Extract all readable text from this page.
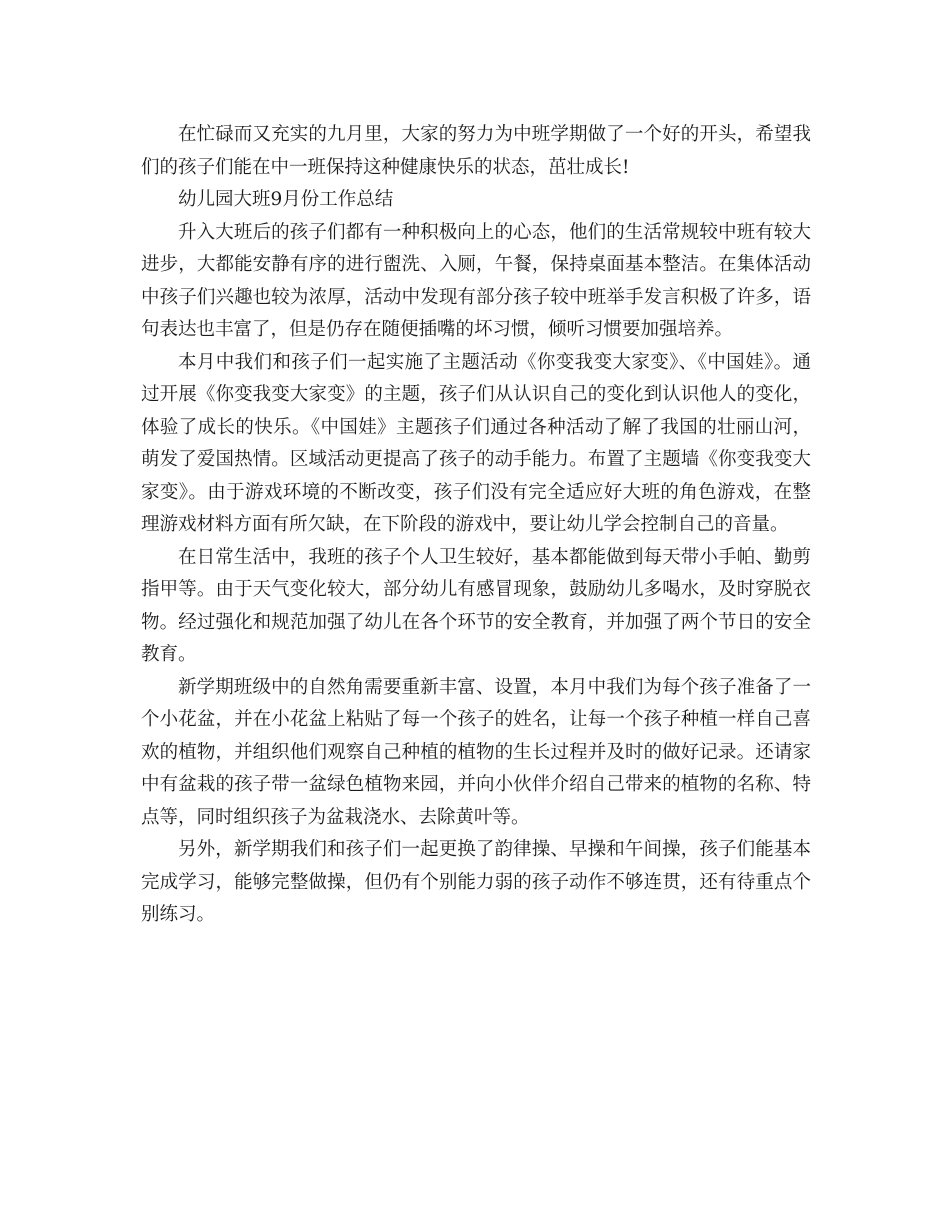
在忙碌而又充实的九月里，大家的努力为中班学期做了一个好的开头，希望我们的孩子们能在中一班保持这种健康快乐的状态，茁壮成长!

幼儿园大班9月份工作总结

升入大班后的孩子们都有一种积极向上的心态，他们的生活常规较中班有较大进步，大都能安静有序的进行盥洗、入厕，午餐，保持桌面基本整洁。在集体活动中孩子们兴趣也较为浓厚，活动中发现有部分孩子较中班举手发言积极了许多，语句表达也丰富了，但是仍存在随便插嘴的坏习惯，倾听习惯要加强培养。

本月中我们和孩子们一起实施了主题活动《你变我变大家变》、《中国娃》。通过开展《你变我变大家变》的主题，孩子们从认识自己的变化到认识他人的变化，体验了成长的快乐。《中国娃》主题孩子们通过各种活动了解了我国的壮丽山河，萌发了爱国热情。区域活动更提高了孩子的动手能力。布置了主题墙《你变我变大家变》。由于游戏环境的不断改变，孩子们没有完全适应好大班的角色游戏，在整理游戏材料方面有所欠缺，在下阶段的游戏中，要让幼儿学会控制自己的音量。

在日常生活中，我班的孩子个人卫生较好，基本都能做到每天带小手帕、勤剪指甲等。由于天气变化较大，部分幼儿有感冒现象，鼓励幼儿多喝水，及时穿脱衣物。经过强化和规范加强了幼儿在各个环节的安全教育，并加强了两个节日的安全教育。

新学期班级中的自然角需要重新丰富、设置，本月中我们为每个孩子准备了一个小花盆，并在小花盆上粘贴了每一个孩子的姓名，让每一个孩子种植一样自己喜欢的植物，并组织他们观察自己种植的植物的生长过程并及时的做好记录。还请家中有盆栽的孩子带一盆绿色植物来园，并向小伙伴介绍自己带来的植物的名称、特点等，同时组织孩子为盆栽浇水、去除黄叶等。

另外，新学期我们和孩子们一起更换了韵律操、早操和午间操，孩子们能基本完成学习，能够完整做操，但仍有个别能力弱的孩子动作不够连贯，还有待重点个别练习。
